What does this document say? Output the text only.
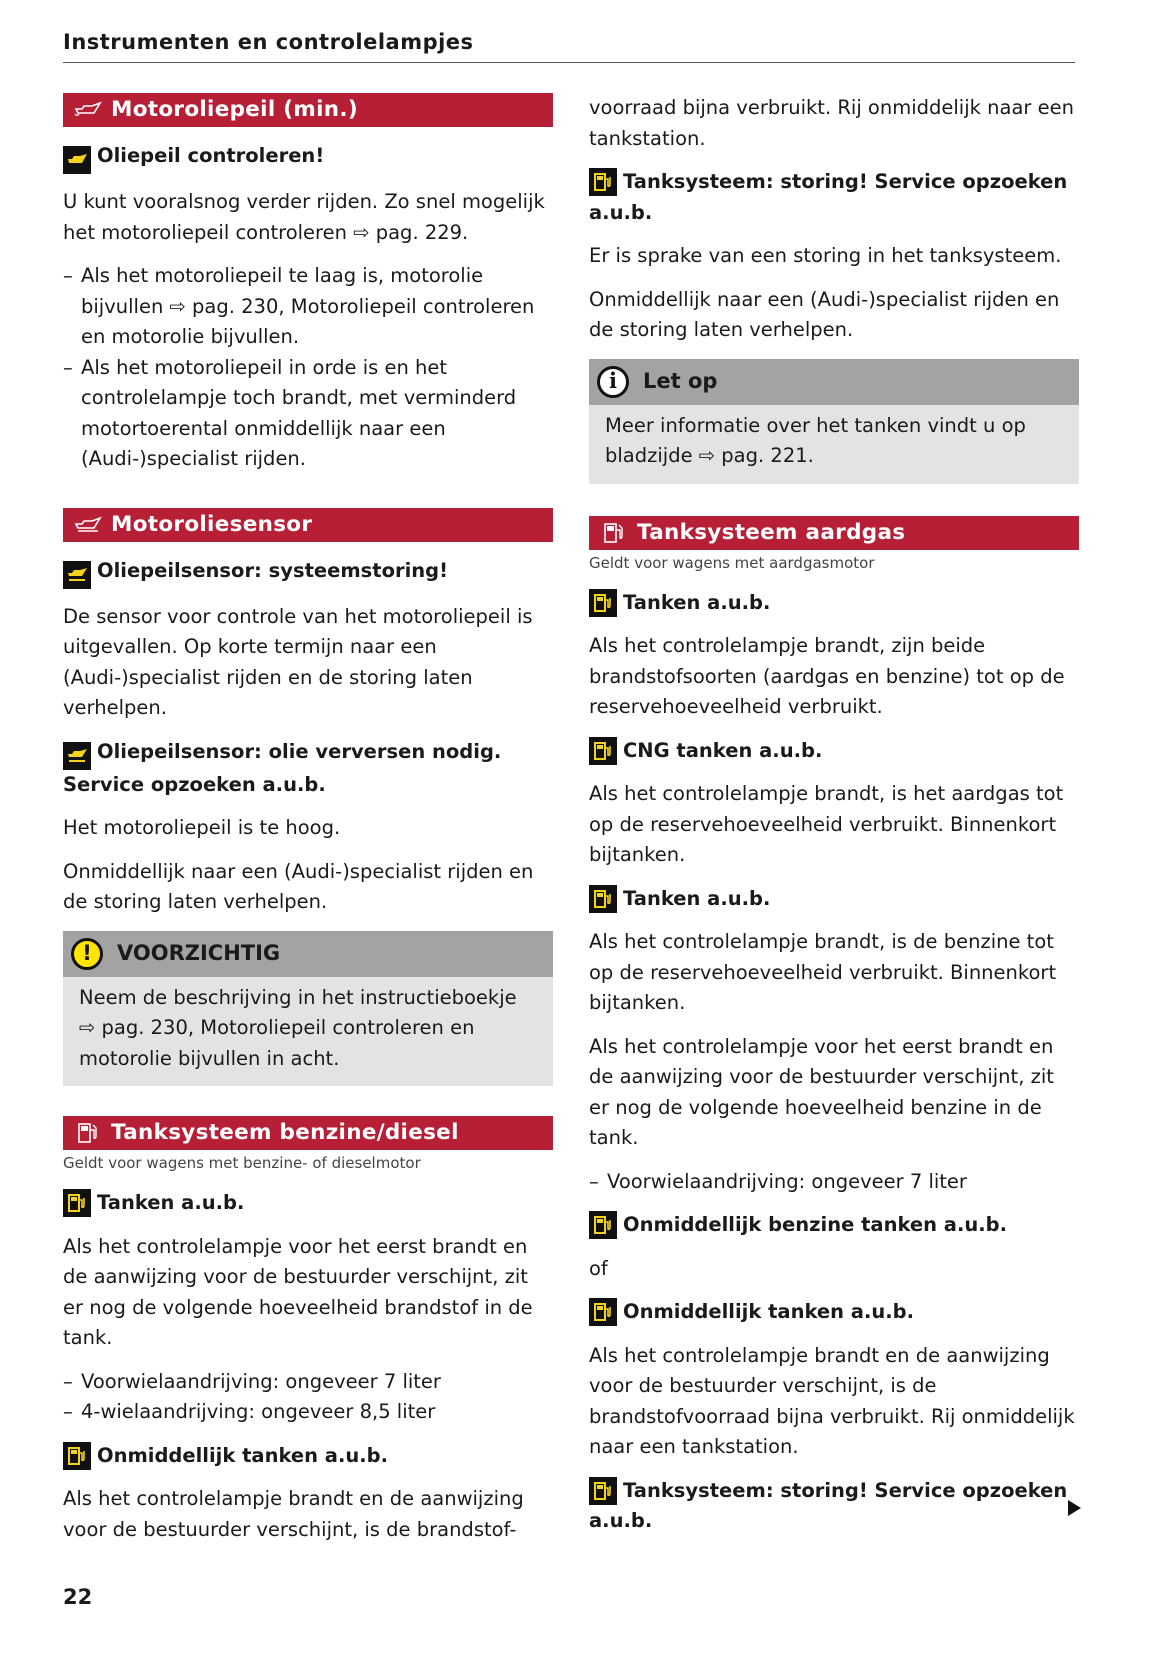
Instrumenten en controlelampjes
Motoroliepeil (min.)
Oliepeil controleren!

U kunt vooralsnog verder rijden. Zo snel mogelijk het motoroliepeil controleren ⇨ pag. 229.

– Als het motoroliepeil te laag is, motorolie bijvullen ⇨ pag. 230, Motoroliepeil controleren en motorolie bijvullen.
– Als het motoroliepeil in orde is en het controlelampje toch brandt, met verminderd motortoerental onmiddellijk naar een (Audi-)specialist rijden.
Motoroliesensor
Oliepeilsensor: systeemstoring!

De sensor voor controle van het motoroliepeil is uitgevallen. Op korte termijn naar een (Audi-)specialist rijden en de storing laten verhelpen.

Oliepeilsensor: olie verversen nodig. Service opzoeken a.u.b.

Het motoroliepeil is te hoog.

Onmiddellijk naar een (Audi-)specialist rijden en de storing laten verhelpen.

!	VOORZICHTIG
Neem de beschrijving in het instructieboekje ⇨ pag. 230, Motoroliepeil controleren en motorolie bijvullen in acht.
Tanksysteem benzine/diesel
Geldt voor wagens met benzine- of dieselmotor
Tanken a.u.b.

Als het controlelampje voor het eerst brandt en de aanwijzing voor de bestuurder verschijnt, zit er nog de volgende hoeveelheid brandstof in de tank.

– Voorwielaandrijving: ongeveer 7 liter
– 4-wielaandrijving: ongeveer 8,5 liter
Onmiddellijk tanken a.u.b.

Als het controlelampje brandt en de aanwijzing voor de bestuurder verschijnt, is de brandstof-

voorraad bijna verbruikt. Rij onmiddelijk naar een tankstation.

Tanksysteem: storing! Service opzoeken a.u.b.

Er is sprake van een storing in het tanksysteem.

Onmiddellijk naar een (Audi-)specialist rijden en de storing laten verhelpen.

i	Let op
Meer informatie over het tanken vindt u op bladzijde ⇨ pag. 221.
Tanksysteem aardgas
Geldt voor wagens met aardgasmotor
Tanken a.u.b.

Als het controlelampje brandt, zijn beide brandstofsoorten (aardgas en benzine) tot op de reservehoeveelheid verbruikt.

CNG tanken a.u.b.

Als het controlelampje brandt, is het aardgas tot op de reservehoeveelheid verbruikt. Binnenkort bijtanken.

Tanken a.u.b.

Als het controlelampje brandt, is de benzine tot op de reservehoeveelheid verbruikt. Binnenkort bijtanken.

Als het controlelampje voor het eerst brandt en de aanwijzing voor de bestuurder verschijnt, zit er nog de volgende hoeveelheid benzine in de tank.

– Voorwielaandrijving: ongeveer 7 liter
Onmiddellijk benzine tanken a.u.b.

of

Onmiddellijk tanken a.u.b.

Als het controlelampje brandt en de aanwijzing voor de bestuurder verschijnt, is de brandstofvoorraad bijna verbruikt. Rij onmiddelijk naar een tankstation.

Tanksysteem: storing! Service opzoeken a.u.b.
22
